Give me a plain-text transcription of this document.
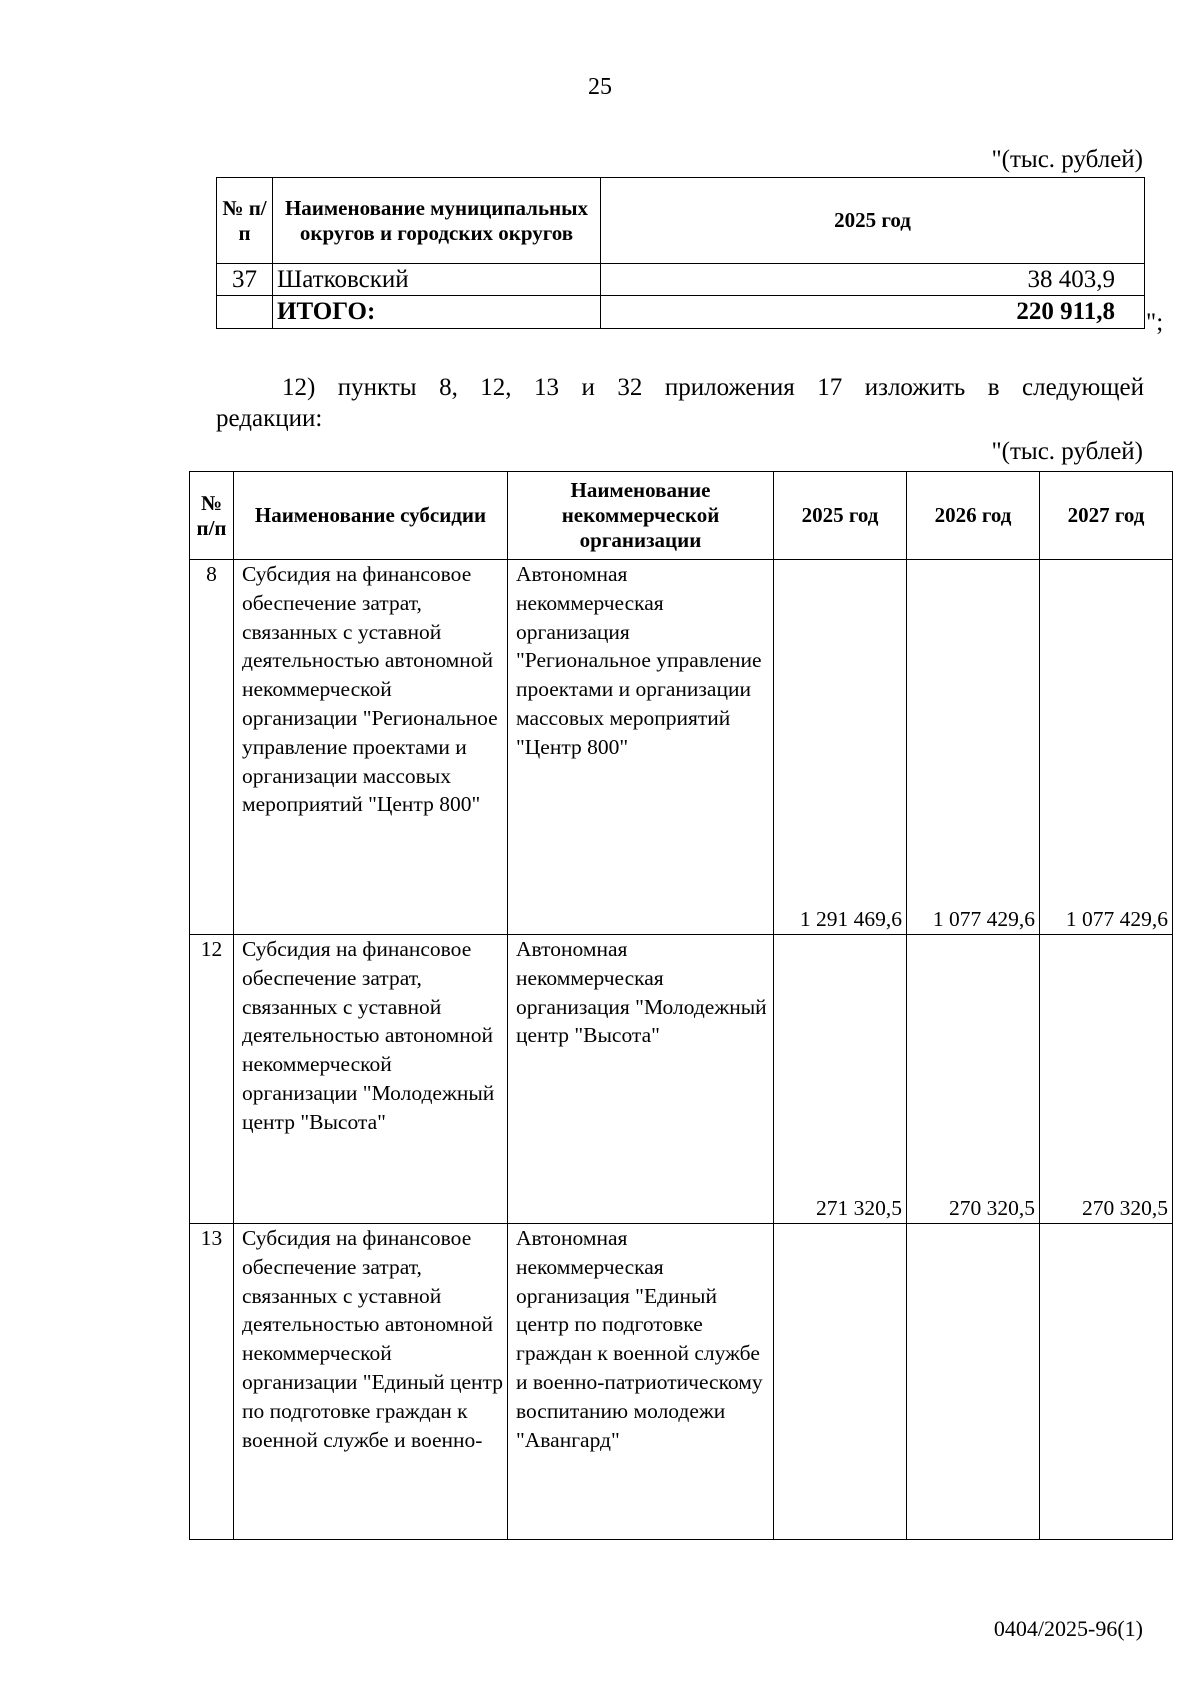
25
"(тыс. рублей)
№ п/п	Наименование муниципальных округов и городских округов	2025 год
37	Шатковский	38 403,9
	ИТОГО:	220 911,8 ";
12) пункты 8, 12, 13 и 32 приложения 17 изложить в следующей
редакции:
"(тыс. рублей)
№ п/п	Наименование субсидии	Наименование некоммерческой организации	2025 год	2026 год	2027 год
8	Субсидия на финансовое обеспечение затрат, связанных с уставной деятельностью автономной некоммерческой организации "Региональное управление проектами и организации массовых мероприятий "Центр 800"	Автономная некоммерческая организация "Региональное управление проектами и организации массовых мероприятий "Центр 800"	1 291 469,6	1 077 429,6	1 077 429,6
12	Субсидия на финансовое обеспечение затрат, связанных с уставной деятельностью автономной некоммерческой организации "Молодежный центр "Высота"	Автономная некоммерческая организация "Молодежный центр "Высота"	271 320,5	270 320,5	270 320,5
13	Субсидия на финансовое обеспечение затрат, связанных с уставной деятельностью автономной некоммерческой организации "Единый центр по подготовке граждан к военной службе и военно-	Автономная некоммерческая организация "Единый центр по подготовке граждан к военной службе и военно-патриотическому воспитанию молодежи "Авангард"			
0404/2025-96(1)
